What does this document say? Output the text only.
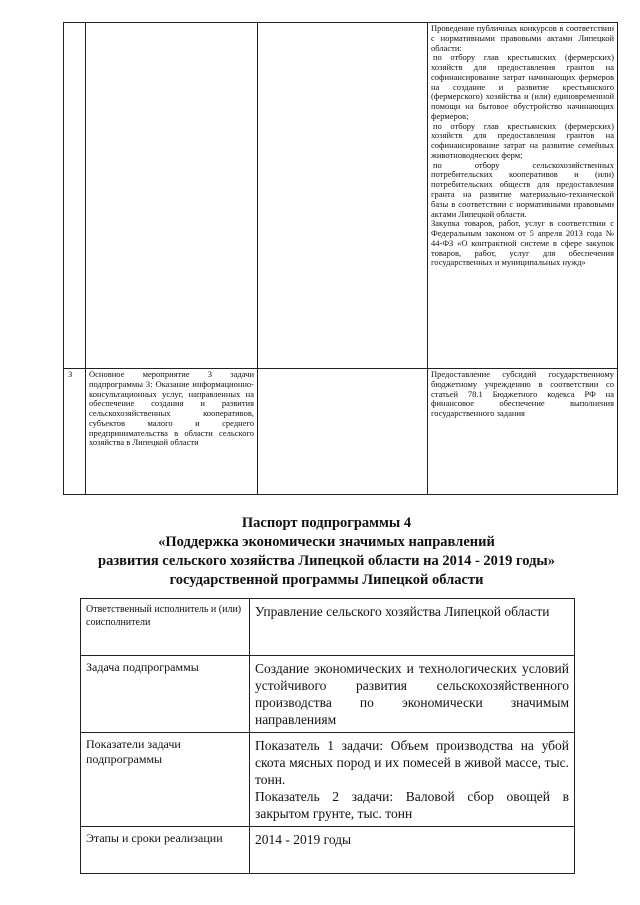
			Проведение публичных конкурсов в соответствии с нормативными правовыми актами Липецкой области:
по отбору глав крестьянских (фермерских) хозяйств для предоставления грантов на софинансирование затрат начинающих фермеров на создание и развитие крестьянского (фермерского) хозяйства и (или) единовременной помощи на бытовое обустройство начинающих фермеров;
по отбору глав крестьянских (фермерских) хозяйств для предоставления грантов на софинансирование затрат на развитие семейных животноводческих ферм;
по отбору сельскохозяйственных потребительских кооперативов и (или) потребительских обществ для предоставления гранта на развитие материально-технической базы в соответствии с нормативными правовыми актами Липецкой области.
Закупка товаров, работ, услуг в соответствии с Федеральным законом от 5 апреля 2013 года № 44-ФЗ «О контрактной системе в сфере закупок товаров, работ, услуг для обеспечения государственных и муниципальных нужд»

3	Основное мероприятие 3 задачи подпрограммы 3: Оказание информационно-консультационных услуг, направленных на обеспечение создания и развития сельскохозяйственных кооперативов, субъектов малого и среднего предпринимательства в области сельского хозяйства в Липецкой области		Предоставление субсидий государственному бюджетному учреждению в соответствии со статьей 78.1 Бюджетного кодекса РФ на финансовое обеспечение выполнения государственного задания
Паспорт подпрограммы 4
«Поддержка экономически значимых направлений
развития сельского хозяйства Липецкой области на 2014 - 2019 годы»
государственной программы Липецкой области
Ответственный исполнитель и (или) соисполнители	Управление сельского хозяйства Липецкой области
Задача подпрограммы	Создание экономических и технологических условий устойчивого развития сельскохозяйственного производства по экономически значимым направлениям
Показатели задачи подпрограммы	Показатель 1 задачи: Объем производства на убой скота мясных пород и их помесей в живой массе, тыс. тонн.
Показатель 2 задачи: Валовой сбор овощей в закрытом грунте, тыс. тонн

Этапы и сроки реализации	2014 - 2019 годы
